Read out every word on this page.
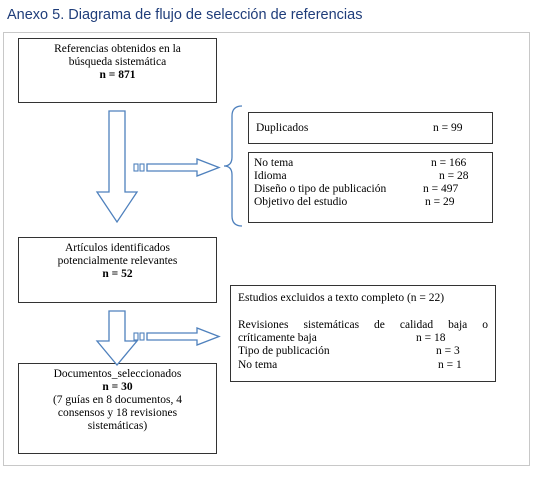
Anexo 5. Diagrama de flujo de selección de referencias
Referencias obtenidos en la
búsqueda sistemática
n = 871
Duplicados	n = 99
No tema	n = 166
Idioma	n = 28
Diseño o tipo de publicación	n = 497
Objetivo del estudio	n = 29
Artículos identificados
potencialmente relevantes
n = 52
Estudios excluidos a texto completo (n = 22)
Revisiones sistemáticas de calidad baja o
críticamente baja	n = 18
Tipo de publicación	n = 3
No tema	n = 1
Documentos_seleccionados
n = 30
(7 guías en 8 documentos, 4
consensos y 18 revisiones
sistemáticas)
